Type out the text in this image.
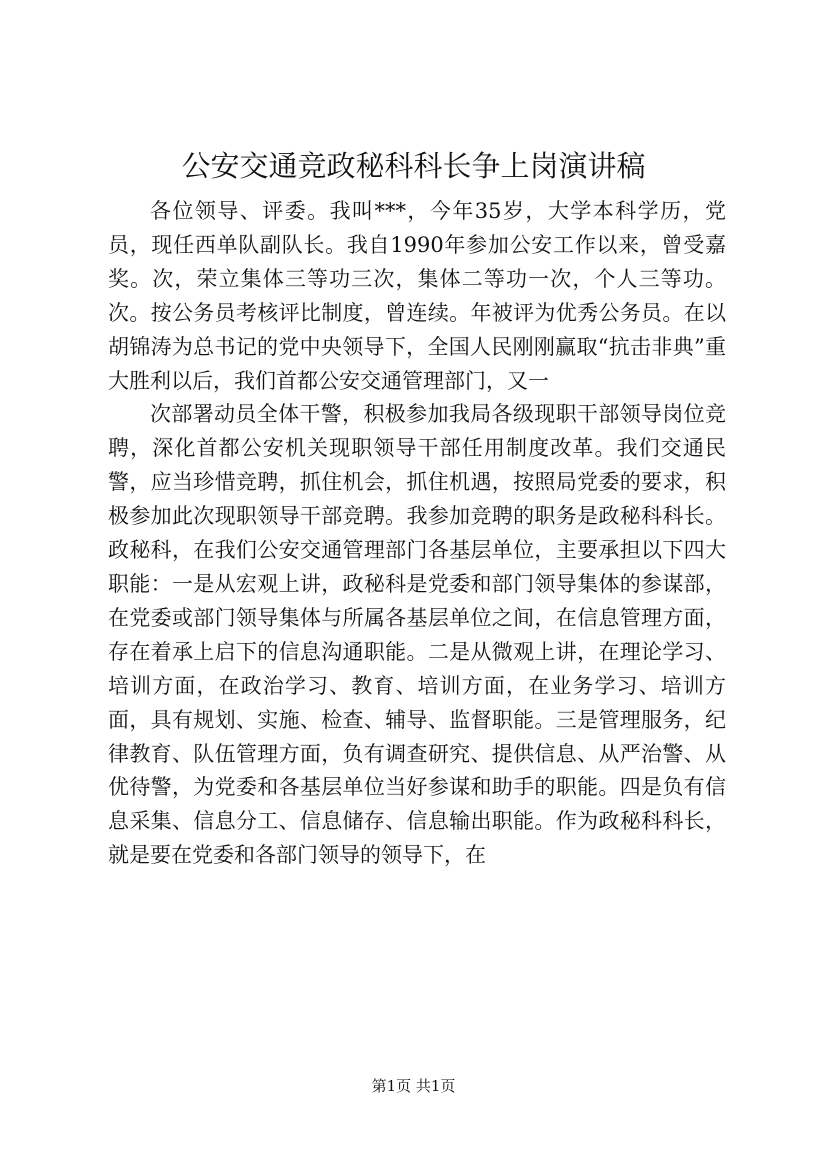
公安交通竞政秘科科长争上岗演讲稿

各位领导、评委。我叫***，今年35岁，大学本科学历，党员，现任西单队副队长。我自1990年参加公安工作以来，曾受嘉奖。次，荣立集体三等功三次，集体二等功一次，个人三等功。次。按公务员考核评比制度，曾连续。年被评为优秀公务员。在以胡锦涛为总书记的党中央领导下，全国人民刚刚赢取“抗击非典”重大胜利以后，我们首都公安交通管理部门，又一

次部署动员全体干警，积极参加我局各级现职干部领导岗位竞聘，深化首都公安机关现职领导干部任用制度改革。我们交通民警，应当珍惜竞聘，抓住机会，抓住机遇，按照局党委的要求，积极参加此次现职领导干部竞聘。我参加竞聘的职务是政秘科科长。政秘科，在我们公安交通管理部门各基层单位，主要承担以下四大职能：一是从宏观上讲，政秘科是党委和部门领导集体的参谋部，在党委或部门领导集体与所属各基层单位之间，在信息管理方面，存在着承上启下的信息沟通职能。二是从微观上讲，在理论学习、培训方面，在政治学习、教育、培训方面，在业务学习、培训方面，具有规划、实施、检查、辅导、监督职能。三是管理服务，纪律教育、队伍管理方面，负有调查研究、提供信息、从严治警、从优待警，为党委和各基层单位当好参谋和助手的职能。四是负有信息采集、信息分工、信息储存、信息输出职能。作为政秘科科长，就是要在党委和各部门领导的领导下，在

第1页 共1页
